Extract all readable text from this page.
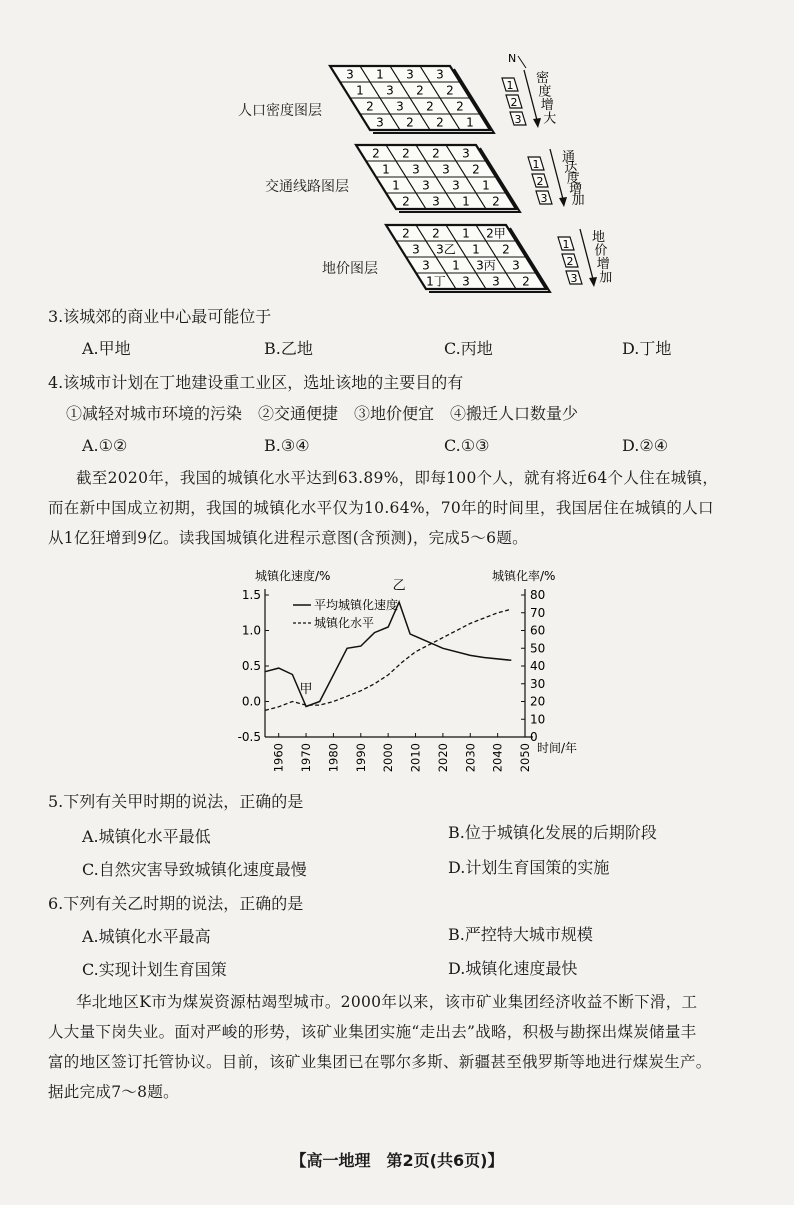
人口密度图层
交通线路图层
地价图层
3 1 3 3
1 3 2 2
2 3 2 2
3 2 2 1
1
2
3
密
度
增
大
N
2 2 2 3
1 3 3 2
1 3 3 1
2 3 1 2
1
2
3
通
达
度
增
加
2 2 1 2甲
3 3乙 1 2
3 1 3丙 3
1丁 3 3 2
1
2
3
地
价
增
加
3.该城郊的商业中心最可能位于
A.甲地	B.乙地	C.丙地	D.丁地
4.该城市计划在丁地建设重工业区，选址该地的主要目的有
①减轻对城市环境的污染　②交通便捷　③地价便宜　④搬迁人口数量少
A.①②	B.③④	C.①③	D.②④

截至2020年，我国的城镇化水平达到63.89%，即每100个人，就有将近64个人住在城镇，

而在新中国成立初期，我国的城镇化水平仅为10.64%，70年的时间里，我国居住在城镇的人口

从1亿狂增到9亿。读我国城镇化进程示意图(含预测)，完成5～6题。

城镇化速度/%	城镇化率/%
时间/年
-0.5
0.0
0.5
1.0
1.5
0
10
20
30
40
50
60
70
80
1960 1970 1980 1990 2000 2010 2020 2030 2040 2050
平均城镇化速度
城镇化水平
甲
乙
5.下列有关甲时期的说法，正确的是
A.城镇化水平最低	B.位于城镇化发展的后期阶段
C.自然灾害导致城镇化速度最慢	D.计划生育国策的实施
6.下列有关乙时期的说法，正确的是
A.城镇化水平最高	B.严控特大城市规模
C.实现计划生育国策	D.城镇化速度最快

华北地区K市为煤炭资源枯竭型城市。2000年以来，该市矿业集团经济收益不断下滑，工

人大量下岗失业。面对严峻的形势，该矿业集团实施“走出去”战略，积极与勘探出煤炭储量丰

富的地区签订托管协议。目前，该矿业集团已在鄂尔多斯、新疆甚至俄罗斯等地进行煤炭生产。

据此完成7～8题。

【高一地理　第2页(共6页)】
